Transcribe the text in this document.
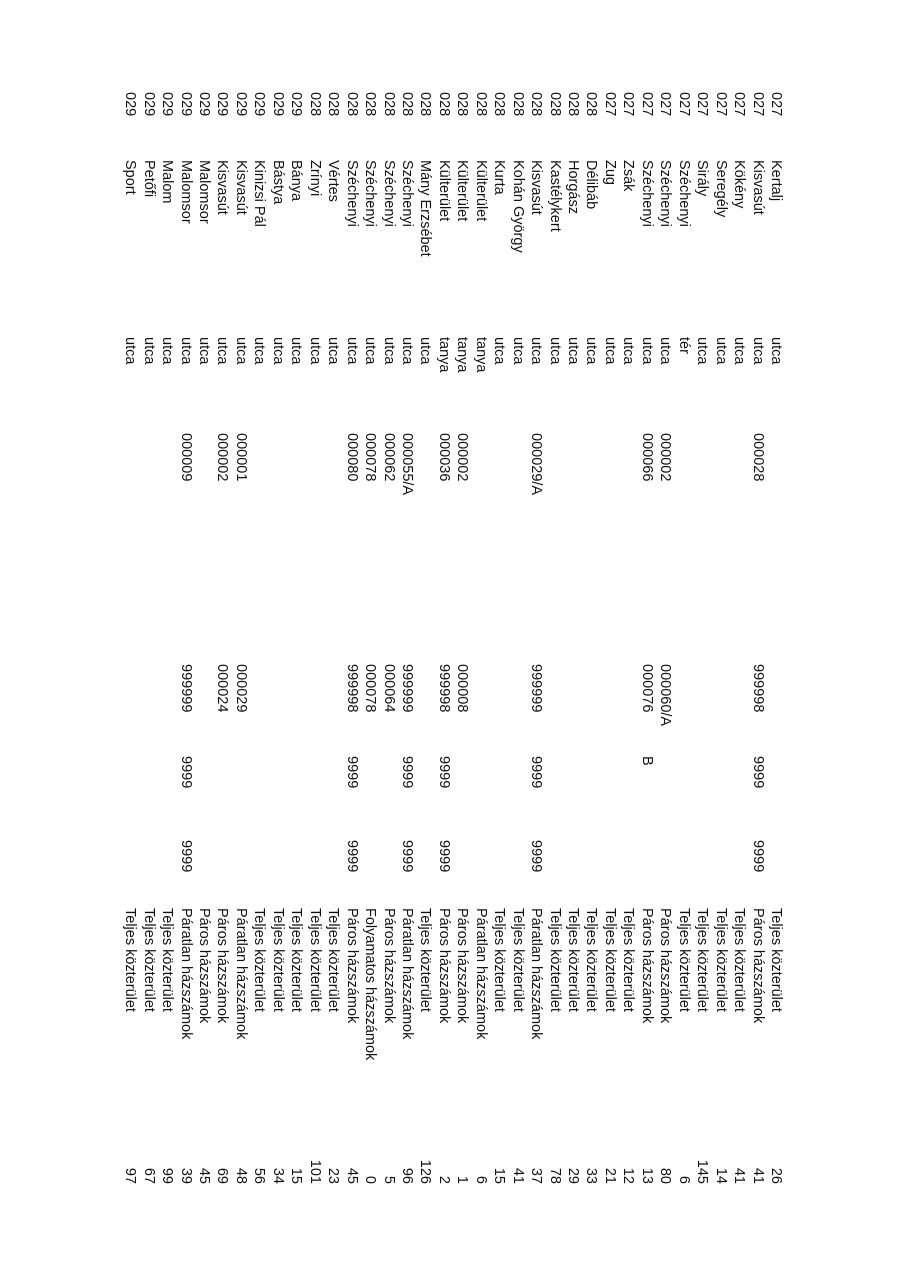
027
Kertalj
utca
Teljes közterület
26
027
Kisvasút
utca
000028
999998
9999
9999
Páros házszámok
41
027
Kökény
utca
Teljes közterület
41
027
Seregély
utca
Teljes közterület
14
027
Sirály
utca
Teljes közterület
145
027
Széchenyi
tér
Teljes közterület
6
027
Széchenyi
utca
000002
000060/A
Páros házszámok
80
027
Széchenyi
utca
000066
000076
B
Páros házszámok
13
027
Zsák
utca
Teljes közterület
12
027
Zug
utca
Teljes közterület
21
028
Délibáb
utca
Teljes közterület
33
028
Horgász
utca
Teljes közterület
29
028
Kastélykert
utca
Teljes közterület
78
028
Kisvasút
utca
000029/A
999999
9999
9999
Páratlan házszámok
37
028
Kohán György
utca
Teljes közterület
41
028
Kurta
utca
Teljes közterület
15
028
Külterület
tanya
Páratlan házszámok
6
028
Külterület
tanya
000002
000008
Páros házszámok
1
028
Külterület
tanya
000036
999998
9999
9999
Páros házszámok
2
028
Mány Erzsébet
utca
Teljes közterület
126
028
Széchenyi
utca
000055/A
999999
9999
9999
Páratlan házszámok
96
028
Széchenyi
utca
000062
000064
Páros házszámok
5
028
Széchenyi
utca
000078
000078
Folyamatos házszámok
0
028
Széchenyi
utca
000080
999998
9999
9999
Páros házszámok
45
028
Vértes
utca
Teljes közterület
23
028
Zrínyi
utca
Teljes közterület
101
029
Bánya
utca
Teljes közterület
15
029
Bástya
utca
Teljes közterület
34
029
Kinizsi Pál
utca
Teljes közterület
56
029
Kisvasút
utca
000001
000029
Páratlan házszámok
48
029
Kisvasút
utca
000002
000024
Páros házszámok
69
029
Malomsor
utca
Páros házszámok
45
029
Malomsor
utca
000009
999999
9999
9999
Páratlan házszámok
39
029
Malom
utca
Teljes közterület
99
029
Petőfi
utca
Teljes közterület
67
029
Sport
utca
Teljes közterület
97
